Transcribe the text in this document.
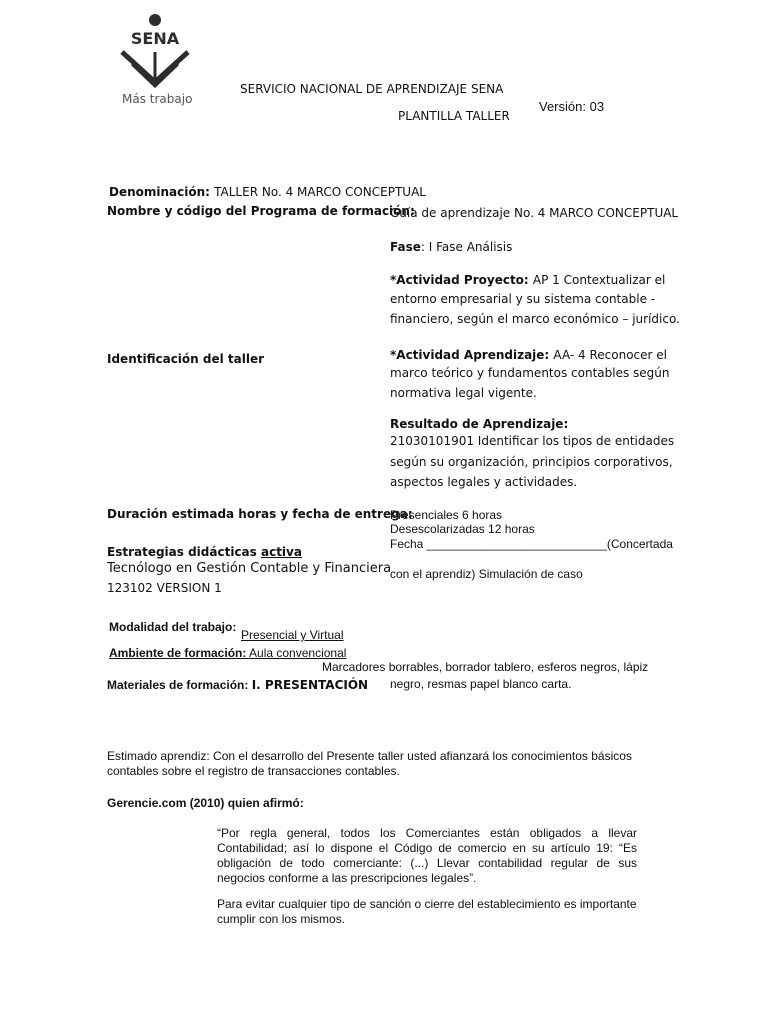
SENA
Más trabajo
SERVICIO NACIONAL DE APRENDIZAJE SENA
Versión: 03
PLANTILLA TALLER
Denominación: TALLER No. 4 MARCO CONCEPTUAL
Nombre y código del Programa de formación:
Guía de aprendizaje No. 4 MARCO CONCEPTUAL
Fase: I Fase Análisis
*Actividad Proyecto: AP 1 Contextualizar el
entorno empresarial y su sistema contable -
financiero, según el marco económico – jurídico.
Identificación del taller	*Actividad Aprendizaje: AA- 4 Reconocer el
marco teórico y fundamentos contables según
normativa legal vigente.
Resultado de Aprendizaje:
21030101901 Identificar los tipos de entidades
según su organización, principios corporativos,
aspectos legales y actividades.
Duración estimada horas y fecha de entrega:
Presenciales 6 horas
Desescolarizadas 12 horas
Fecha ___________________________(Concertada
con el aprendiz) Simulación de caso
Estrategias didácticas activa
Tecnólogo en Gestión Contable y Financiera
123102 VERSION 1
Modalidad del trabajo:
Presencial y Virtual
Ambiente de formación: Aula convencional
Marcadores borrables, borrador tablero, esferos negros, lápiz
Materiales de formación: I. PRESENTACIÓN negro, resmas papel blanco carta.
Estimado aprendiz: Con el desarrollo del Presente taller usted afianzará los conocimientos básicos contables sobre el registro de transacciones contables.
Gerencie.com (2010) quien afirmó:
“Por regla general, todos los Comerciantes están obligados a llevar Contabilidad; así lo dispone el Código de comercio en su artículo 19: “Es obligación de todo comerciante: (...) Llevar contabilidad regular de sus negocios conforme a las prescripciones legales”.
Para evitar cualquier tipo de sanción o cierre del establecimiento es importante cumplir con los mismos.
